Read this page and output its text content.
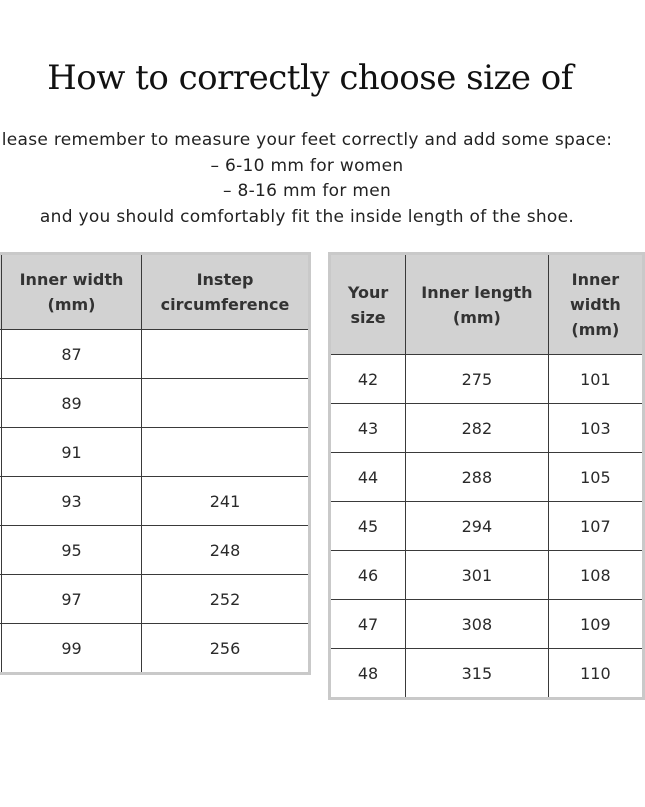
How to correctly choose size of
lease remember to measure your feet correctly and add some space:
– 6-10 mm for women
– 8-16 mm for men
and you should comfortably fit the inside length of the shoe.
	Inner width (mm)	Instep circumference
	87	
	89	
	91	
	93	241
	95	248
	97	252
	99	256
Your size	Inner length (mm)	Inner width (mm)
42	275	101
43	282	103
44	288	105
45	294	107
46	301	108
47	308	109
48	315	110
